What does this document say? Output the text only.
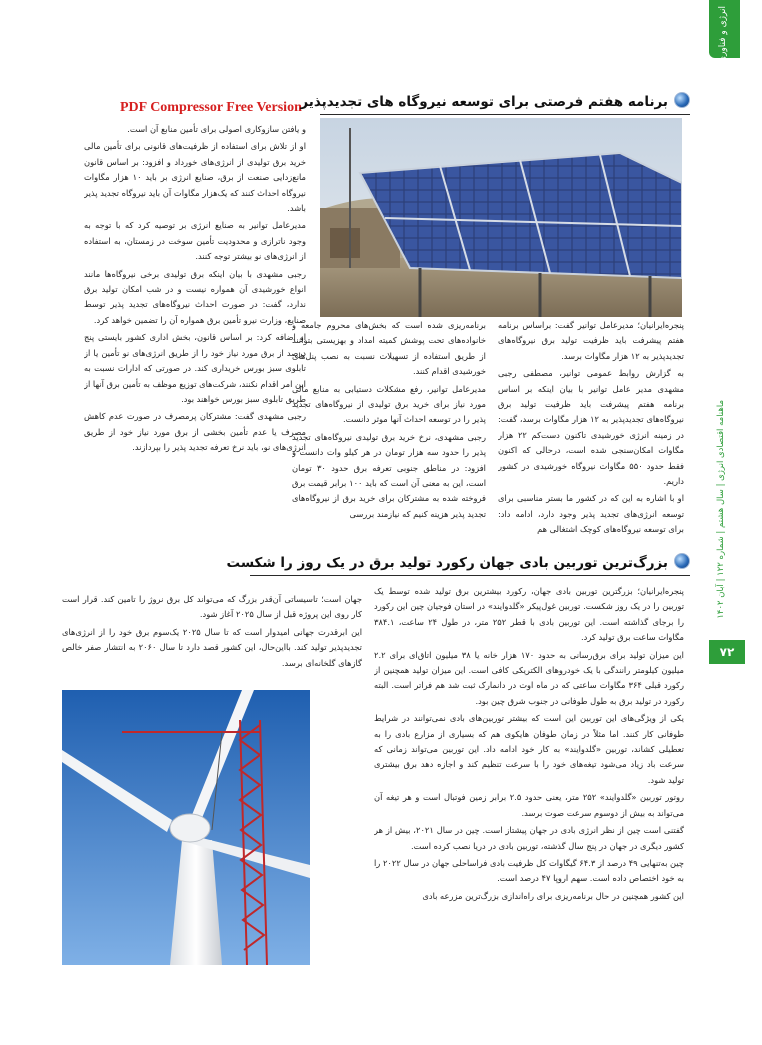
انرژی و فناوری
ماهنامه اقتصادی انرژی | سال هشتم | شماره ۱۲۲ | آبان ۱۴۰۲
۷۲
PDF Compressor Free Version
برنامه هفتم فرصتی برای توسعه نیروگاه های تجدیدپذیر

پنجره‌ایرانیان؛ مدیرعامل توانیر گفت: براساس برنامه هفتم پیشرفت باید ظرفیت تولید برق نیروگاه‌های تجدیدپذیر به ۱۲ هزار مگاوات برسد.

به گزارش روابط عمومی توانیر، مصطفی رجبی مشهدی مدیر عامل توانیر با بیان اینکه بر اساس برنامه هفتم پیشرفت باید ظرفیت تولید برق نیروگاه‌های تجدیدپذیر به ۱۲ هزار مگاوات برسد، گفت: در زمینه انرژی خورشیدی تاکنون دست‌کم ۲۲ هزار مگاوات امکان‌سنجی شده است، درحالی که اکنون فقط حدود ۵۵۰ مگاوات نیروگاه خورشیدی در کشور داریم.

او با اشاره به این که در کشور ما بستر مناسبی برای توسعه انرژی‌های تجدید پذیر وجود دارد، ادامه داد: برای توسعه نیروگاه‌های کوچک اشتغالی هم

برنامه‌ریزی شده است که بخش‌های محروم جامعه و خانواده‌های تحت پوشش کمیته امداد و بهزیستی بتوانند از طریق استفاده از تسهیلات نسبت به نصب پنل‌های خورشیدی اقدام کنند.

مدیرعامل توانیر، رفع مشکلات دستیابی به منابع مالی مورد نیاز برای خرید برق تولیدی از نیروگاه‌های تجدید پذیر را در توسعه احداث آنها موثر دانست.

رجبی مشهدی، نرخ خرید برق تولیدی نیروگاه‌های تجدید پذیر را حدود سه هزار تومان در هر کیلو وات دانست و افزود: در مناطق جنوبی تعرفه برق حدود ۳۰ تومان است، این به معنی آن است که باید ۱۰۰ برابر قیمت برق فروخته شده به مشترکان برای خرید برق از نیروگاه‌های تجدید پذیر هزینه کنیم که نیازمند بررسی

و یافتن سازوکاری اصولی برای تأمین منابع آن است.

او از تلاش برای استفاده از ظرفیت‌های قانونی برای تأمین مالی خرید برق تولیدی از انرژی‌های خورداد و افزود: بر اساس قانون مانع‌زدایی صنعت از برق، صنایع انرژی بر باید ۱۰ هزار مگاوات نیروگاه احداث کنند که یک‌هزار مگاوات آن باید نیروگاه تجدید پذیر باشد.

مدیرعامل توانیر به صنایع انرژی بر توصیه کرد که با توجه به وجود ناترازی و محدودیت تأمین سوخت در زمستان، به استفاده از انرژی‌های نو بیشتر توجه کنند.

رجبی مشهدی با بیان اینکه برق تولیدی برخی نیروگاه‌ها مانند انواع خورشیدی آن همواره نیست و در شب امکان تولید برق ندارد، گفت: در صورت احداث نیروگاه‌های تجدید پذیر توسط صنایع، وزارت نیرو تأمین برق همواره آن را تضمین خواهد کرد.

او اضافه کرد: بر اساس قانون، بخش اداری کشور بایستی پنج درصد از برق مورد نیاز خود را از طریق انرژی‌های نو تأمین یا از تابلوی سبز بورس خریداری کند. در صورتی که ادارات نسبت به این امر اقدام نکنند، شرکت‌های توزیع موظف به تأمین برق آنها از طریق تابلوی سبز بورس خواهند بود.

رجبی مشهدی گفت: مشترکان پرمصرف در صورت عدم کاهش مصرف یا عدم تأمین بخشی از برق مورد نیاز خود از طریق انرژی‌های نو، باید نرخ تعرفه تجدید پذیر را بپردازند.

بزرگ‌ترین توربین بادی جهان رکورد تولید برق در یک روز را شکست

پنجره‌ایرانیان؛ بزرگترین توربین بادی جهان، رکورد بیشترین برق تولید شده توسط یک توربین را در یک روز شکست. توربین غول‌پیکر «گلدوایند» در استان فوجیان چین این رکورد را برجای گذاشته است. این توربین بادی با قطر ۲۵۲ متر، در طول ۲۴ ساعت، ۳۸۴.۱ مگاوات ساعت برق تولید کرد.

این میزان تولید برای برق‌رسانی به حدود ۱۷۰ هزار خانه یا ۳۸ میلیون اتاق‌ای برای ۲.۲ میلیون کیلومتر رانندگی با یک خودروهای الکتریکی کافی است. این میزان تولید همچنین از رکورد قبلی ۳۶۴ مگاوات ساعتی که در ماه اوت در دانمارک ثبت شد هم فراتر است. البته رکورد در تولید برق به طول طوفانی در جنوب شرق چین بود.

یکی از ویژگی‌های این توربین این است که بیشتر توربین‌های بادی نمی‌توانند در شرایط طوفانی کار کنند. اما مثلاً در زمان طوفان هایکوی هم که بسیاری از مزارع بادی را به تعطیلی کشاند، توربین «گلدوایند» به کار خود ادامه داد. این توربین می‌تواند زمانی که سرعت باد زیاد می‌شود تیغه‌های خود را با سرعت تنظیم کند و اجازه دهد برق بیشتری تولید شود.

روتور توربین «گلدوایند» ۲۵۲ متر، یعنی حدود ۲.۵ برابر زمین فوتبال است و هر تیغه آن می‌تواند به بیش از دوسوم سرعت صوت برسد.

گفتنی است چین از نظر انرژی بادی در جهان پیشتاز است. چین در سال ۲۰۲۱، بیش از هر کشور دیگری در جهان در پنج سال گذشته، توربین بادی در دریا نصب کرده است.

چین به‌تنهایی ۴۹ درصد از ۶۴.۳ گیگاوات کل ظرفیت بادی فراساحلی جهان در سال ۲۰۲۲ را به خود اختصاص داده است. سهم اروپا ۴۷ درصد است.

این کشور همچنین در حال برنامه‌ریزی برای راه‌اندازی بزرگ‌ترین مزرعه بادی

جهان است؛ تاسیساتی آن‌قدر بزرگ که می‌تواند کل برق نروژ را تامین کند. قرار است کار روی این پروژه قبل از سال ۲۰۲۵ آغاز شود.

این ابرقدرت جهانی امیدوار است که تا سال ۲۰۲۵ یک‌سوم برق خود را از انرژی‌های تجدیدپذیر تولید کند. بااین‌حال، این کشور قصد دارد تا سال ۲۰۶۰ به انتشار صفر خالص گازهای گلخانه‌ای برسد.
